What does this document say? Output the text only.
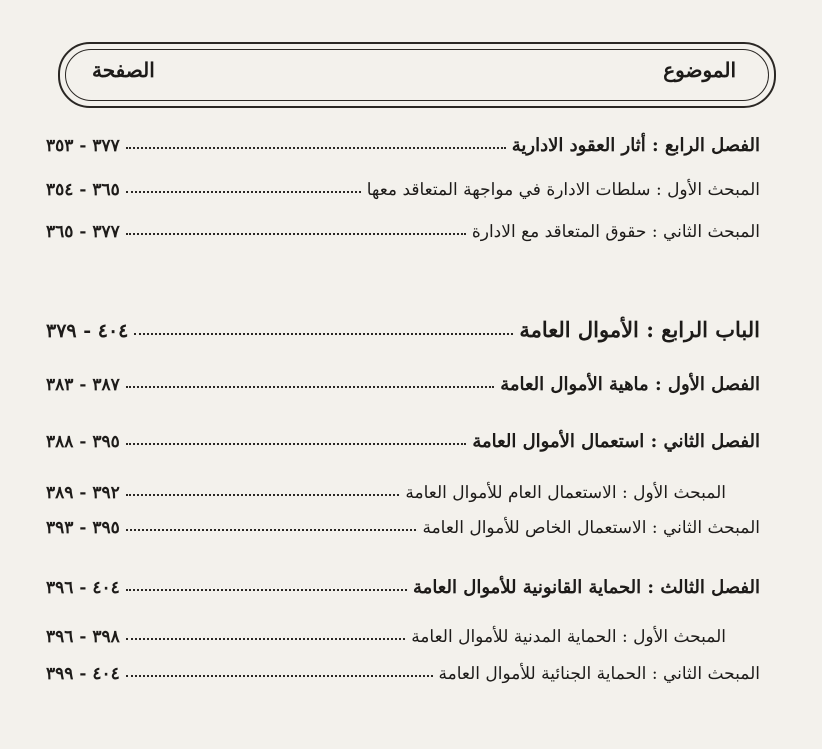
الموضوع
الصفحة
الفصل الرابع : أثار العقود الادارية
٣٧٧ - ٣٥٣
المبحث الأول : سلطات الادارة في مواجهة المتعاقد معها
٣٦٥ - ٣٥٤
المبحث الثاني : حقوق المتعاقد مع الادارة
٣٧٧ - ٣٦٥
الباب الرابع : الأموال العامة
٤٠٤ - ٣٧٩
الفصل الأول : ماهية الأموال العامة
٣٨٧ - ٣٨٣
الفصل الثاني : استعمال الأموال العامة
٣٩٥ - ٣٨٨
المبحث الأول : الاستعمال العام للأموال العامة
٣٩٢ - ٣٨٩
المبحث الثاني : الاستعمال الخاص للأموال العامة
٣٩٥ - ٣٩٣
الفصل الثالث : الحماية القانونية للأموال العامة
٤٠٤ - ٣٩٦
المبحث الأول : الحماية المدنية للأموال العامة
٣٩٨ - ٣٩٦
المبحث الثاني : الحماية الجنائية للأموال العامة
٤٠٤ - ٣٩٩
